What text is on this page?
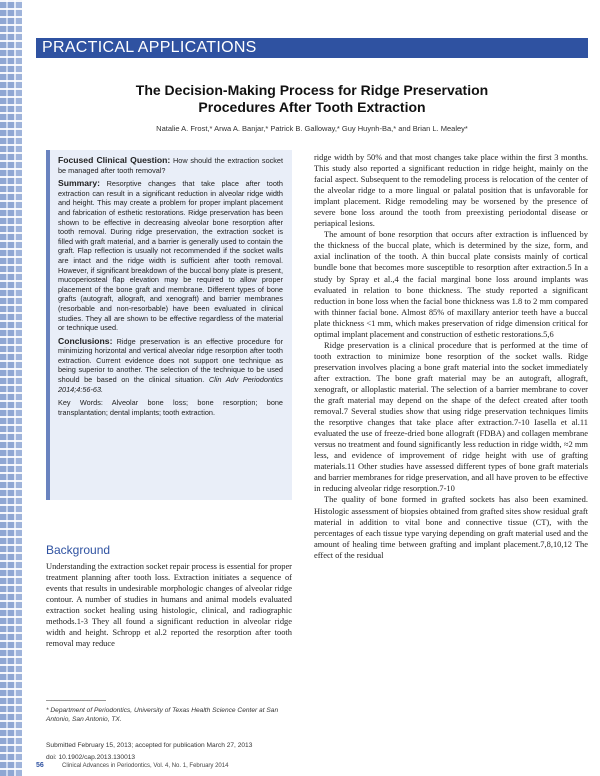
PRACTICAL APPLICATIONS
The Decision-Making Process for Ridge Preservation
Procedures After Tooth Extraction
Natalie A. Frost,* Arwa A. Banjar,* Patrick B. Galloway,* Guy Huynh-Ba,* and Brian L. Mealey*

Focused Clinical Question: How should the extraction socket be managed after tooth removal?

Summary: Resorptive changes that take place after tooth extraction can result in a significant reduction in alveolar ridge width and height. This may create a problem for proper implant placement and fabrication of esthetic restorations. Ridge preservation has been shown to be effective in decreasing alveolar bone resorption after tooth removal. During ridge preservation, the extraction socket is filled with graft material, and a barrier is generally used to contain the graft. Flap reflection is usually not recommended if the socket walls are intact and the ridge width is sufficient after tooth removal. However, if significant breakdown of the buccal bony plate is present, mucoperiosteal flap elevation may be required to allow proper placement of the bone graft and membrane. Different types of bone grafts (autograft, allograft, and xenograft) and barrier membranes (resorbable and non-resorbable) have been evaluated in clinical studies. They all are shown to be effective regardless of the material or technique used.

Conclusions: Ridge preservation is an effective procedure for minimizing horizontal and vertical alveolar ridge resorption after tooth extraction. Current evidence does not support one technique as being superior to another. The selection of the technique to be used should be based on the clinical situation. Clin Adv Periodontics 2014;4:56-63.

Key Words: Alveolar bone loss; bone resorption; bone transplantation; dental implants; tooth extraction.

Background

Understanding the extraction socket repair process is essential for proper treatment planning after tooth loss. Extraction initiates a sequence of events that results in undesirable morphologic changes of alveolar ridge contour. A number of studies in humans and animal models evaluated extraction socket healing using histologic, clinical, and radiographic methods.1-3 They all found a significant reduction in alveolar ridge width and height. Schropp et al.2 reported the resorption after tooth removal may reduce

* Department of Periodontics, University of Texas Health Science Center at San Antonio, San Antonio, TX.
Submitted February 15, 2013; accepted for publication March 27, 2013
doi: 10.1902/cap.2013.130013

ridge width by 50% and that most changes take place within the first 3 months. This study also reported a significant reduction in ridge height, mainly on the facial aspect. Subsequent to the remodeling process is relocation of the center of the alveolar ridge to a more lingual or palatal position that is unfavorable for implant placement. Ridge remodeling may be worsened by the presence of severe bone loss around the tooth from preexisting periodontal disease or periapical lesions.

The amount of bone resorption that occurs after extraction is influenced by the thickness of the buccal plate, which is determined by the size, form, and axial inclination of the tooth. A thin buccal plate consists mainly of cortical bundle bone that becomes more susceptible to resorption after extraction.5 In a study by Spray et al.,4 the facial marginal bone loss around implants was evaluated in relation to bone thickness. The study reported a significant reduction in bone loss when the facial bone thickness was 1.8 to 2 mm compared with thinner facial bone. Almost 85% of maxillary anterior teeth have a buccal plate thickness <1 mm, which makes preservation of ridge dimension critical for optimal implant placement and construction of esthetic restorations.5,6

Ridge preservation is a clinical procedure that is performed at the time of tooth extraction to minimize bone resorption of the socket walls. Ridge preservation involves placing a bone graft material into the socket immediately after extraction. The bone graft material may be an autograft, allograft, xenograft, or alloplastic material. The selection of a barrier membrane to cover the graft material may depend on the shape of the defect created after tooth removal.7 Several studies show that using ridge preservation techniques limits the resorptive changes that take place after extraction.7-10 Iasella et al.11 evaluated the use of freeze-dried bone allograft (FDBA) and collagen membrane versus no treatment and found significantly less reduction in ridge width, ≈2 mm less, and evidence of improvement of ridge height with use of grafting materials.11 Other studies have assessed different types of bone graft materials and barrier membranes for ridge preservation, and all have proven to be effective in reducing alveolar ridge resorption.7-10

The quality of bone formed in grafted sockets has also been examined. Histologic assessment of biopsies obtained from grafted sites show residual graft material in addition to vital bone and connective tissue (CT), with the percentages of each tissue type varying depending on graft material used and the amount of healing time between grafting and implant placement.7,8,10,12 The effect of the residual

56	Clinical Advances in Periodontics, Vol. 4, No. 1, February 2014
